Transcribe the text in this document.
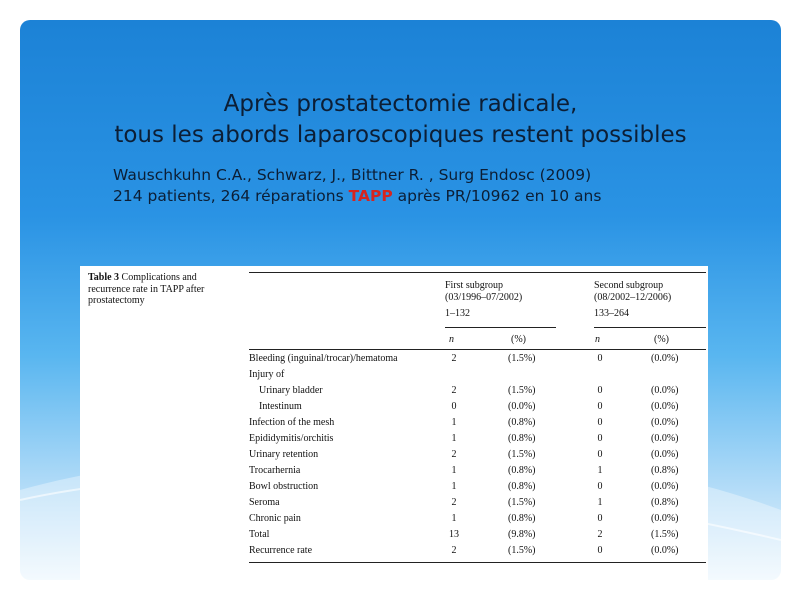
Après prostatectomie radicale,
tous les abords laparoscopiques restent possibles
Wauschkuhn C.A., Schwarz, J., Bittner R. , Surg Endosc (2009)
214 patients, 264 réparations TAPP après PR/10962 en 10 ans
Table 3 Complications and recurrence rate in TAPP after prostatectomy
First subgroup
(03/1996–07/2002)
1–132
Second subgroup
(08/2002–12/2006)
133–264
n	(%)	n	(%)
Bleeding (inguinal/trocar)/hematoma	2	(1.5%)	0	(0.0%)
Injury of
Urinary bladder	2	(1.5%)	0	(0.0%)
Intestinum	0	(0.0%)	0	(0.0%)
Infection of the mesh	1	(0.8%)	0	(0.0%)
Epididymitis/orchitis	1	(0.8%)	0	(0.0%)
Urinary retention	2	(1.5%)	0	(0.0%)
Trocarhernia	1	(0.8%)	1	(0.8%)
Bowl obstruction	1	(0.8%)	0	(0.0%)
Seroma	2	(1.5%)	1	(0.8%)
Chronic pain	1	(0.8%)	0	(0.0%)
Total	13	(9.8%)	2	(1.5%)
Recurrence rate	2	(1.5%)	0	(0.0%)
